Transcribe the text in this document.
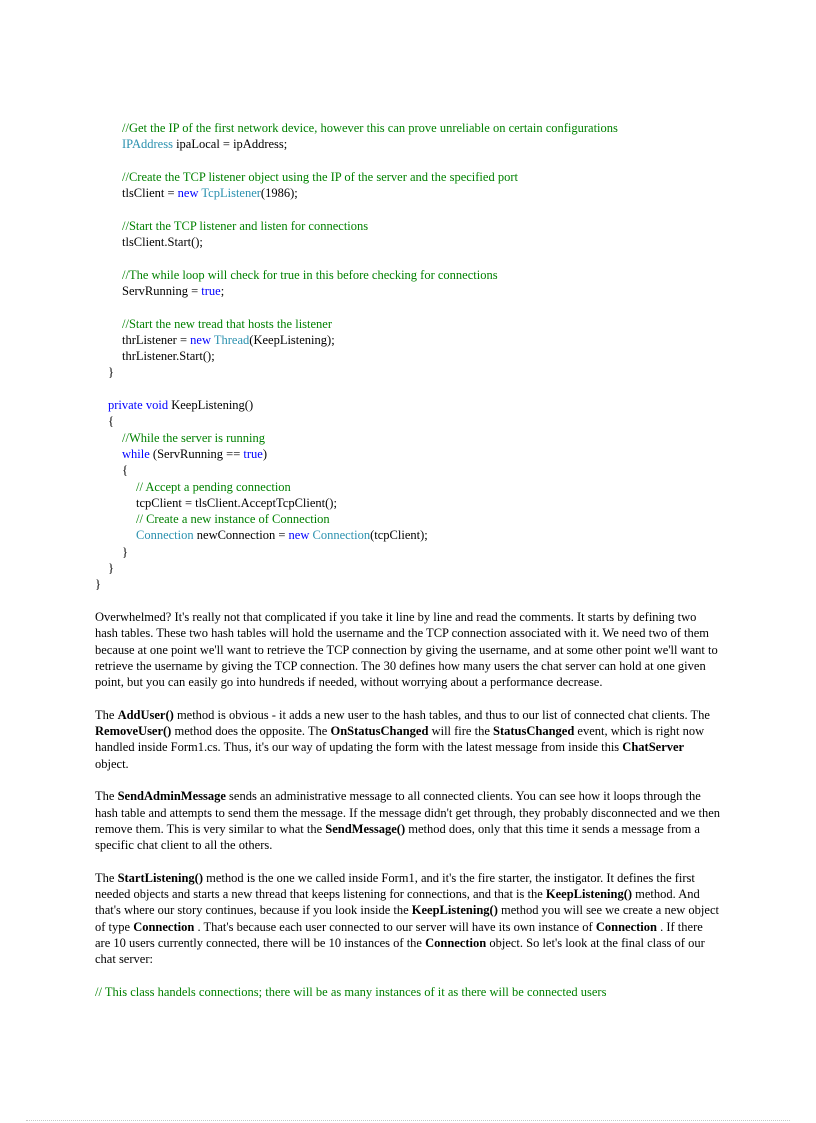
//Get the IP of the first network device, however this can prove unreliable on certain configurations
IPAddress ipaLocal = ipAddress;
//Create the TCP listener object using the IP of the server and the specified port
tlsClient = new TcpListener(1986);
//Start the TCP listener and listen for connections
tlsClient.Start();
//The while loop will check for true in this before checking for connections
ServRunning = true;
//Start the new tread that hosts the listener
thrListener = new Thread(KeepListening);
thrListener.Start();
}
private void KeepListening()
{
//While the server is running
while (ServRunning == true)
{
// Accept a pending connection
tcpClient = tlsClient.AcceptTcpClient();
// Create a new instance of Connection
Connection newConnection = new Connection(tcpClient);
}
}
}

Overwhelmed? It's really not that complicated if you take it line by line and read the comments. It starts by defining two hash tables. These two hash tables will hold the username and the TCP connection associated with it. We need two of them because at one point we'll want to retrieve the TCP connection by giving the username, and at some other point we'll want to retrieve the username by giving the TCP connection. The 30 defines how many users the chat server can hold at one given point, but you can easily go into hundreds if needed, without worrying about a performance decrease.

The AddUser() method is obvious - it adds a new user to the hash tables, and thus to our list of connected chat clients. The RemoveUser() method does the opposite. The OnStatusChanged will fire the StatusChanged event, which is right now handled inside Form1.cs. Thus, it's our way of updating the form with the latest message from inside this ChatServer object.

The SendAdminMessage sends an administrative message to all connected clients. You can see how it loops through the hash table and attempts to send them the message. If the message didn't get through, they probably disconnected and we then remove them. This is very similar to what the SendMessage() method does, only that this time it sends a message from a specific chat client to all the others.

The StartListening() method is the one we called inside Form1, and it's the fire starter, the instigator. It defines the first needed objects and starts a new thread that keeps listening for connections, and that is the KeepListening() method. And that's where our story continues, because if you look inside the KeepListening() method you will see we create a new object of type Connection . That's because each user connected to our server will have its own instance of Connection . If there are 10 users currently connected, there will be 10 instances of the Connection object. So let's look at the final class of our chat server:

// This class handels connections; there will be as many instances of it as there will be connected users
